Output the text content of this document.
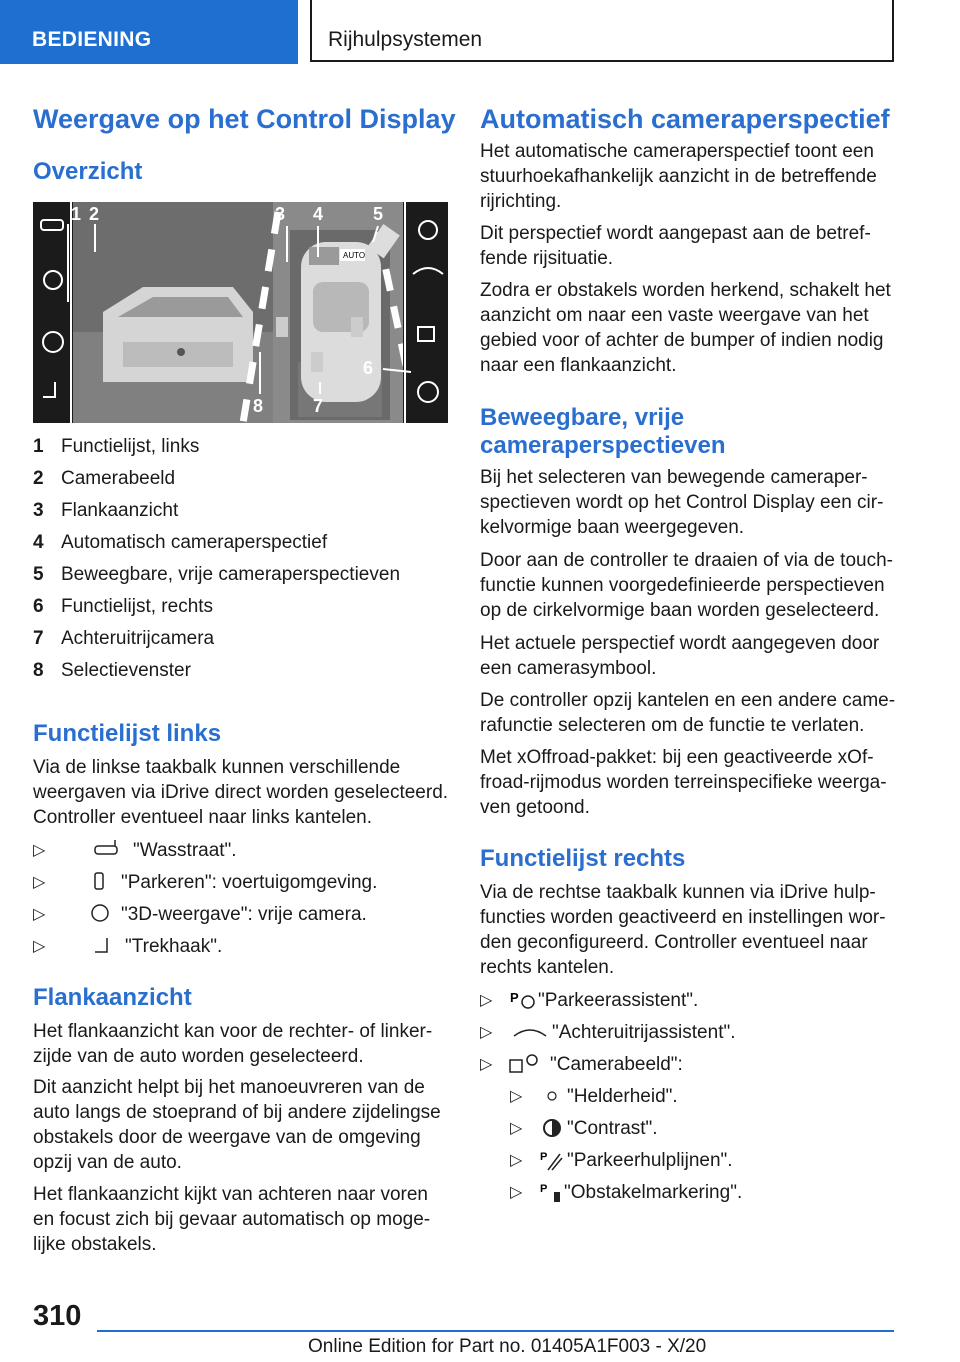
BEDIENING	Rijhulpsystemen
Weergave op het Control Display
Overzicht
AUTO
1 2	3 4	5
6
7
8
1 Functielijst, links
2 Camerabeeld
3 Flankaanzicht
4 Automatisch cameraperspectief
5 Beweegbare, vrije cameraperspectieven
6 Functielijst, rechts
7 Achteruitrijcamera
8 Selectievenster
Functielijst links

Via de linkse taakbalk kunnen verschillende weergaven via iDrive direct worden geselecteerd. Controller eventueel naar links kantelen.

▷	"Wasstraat".
▷	"Parkeren": voertuigomgeving.
▷	"3D-weergave": vrije camera.
▷	"Trekhaak".
Flankaanzicht

Het flankaanzicht kan voor de rechter- of linker-zijde van de auto worden geselecteerd.

Dit aanzicht helpt bij het manoeuvreren van de auto langs de stoeprand of bij andere zijdelingse obstakels door de weergave van de omgeving opzij van de auto.

Het flankaanzicht kijkt van achteren naar voren en focust zich bij gevaar automatisch op moge-lijke obstakels.

Automatisch cameraperspectief

Het automatische cameraperspectief toont een stuurhoekafhankelijk aanzicht in de betreffende rijrichting.

Dit perspectief wordt aangepast aan de betref-fende rijsituatie.

Zodra er obstakels worden herkend, schakelt het aanzicht om naar een vaste weergave van het gebied voor of achter de bumper of indien nodig naar een flankaanzicht.

Beweegbare, vrije cameraperspectieven

Bij het selecteren van bewegende cameraper-spectieven wordt op het Control Display een cir-kelvormige baan weergegeven.

Door aan de controller te draaien of via de touch-functie kunnen voorgedefinieerde perspectieven op de cirkelvormige baan worden geselecteerd.

Het actuele perspectief wordt aangegeven door een camerasymbool.

De controller opzij kantelen en een andere came-rafunctie selecteren om de functie te verlaten.

Met xOffroad-pakket: bij een geactiveerde xOf-froad-rijmodus worden terreinspecifieke weerga-ven getoond.

Functielijst rechts

Via de rechtse taakbalk kunnen via iDrive hulp-functies worden geactiveerd en instellingen wor-den geconfigureerd. Controller eventueel naar rechts kantelen.

▷ P "Parkeerassistent".
▷	"Achteruitrijassistent".
▷	"Camerabeeld":
▷ "Helderheid".
▷ "Contrast".
▷ P "Parkeerhulplijnen".
▷ P "Obstakelmarkering".
310
Online Edition for Part no. 01405A1F003 - X/20
